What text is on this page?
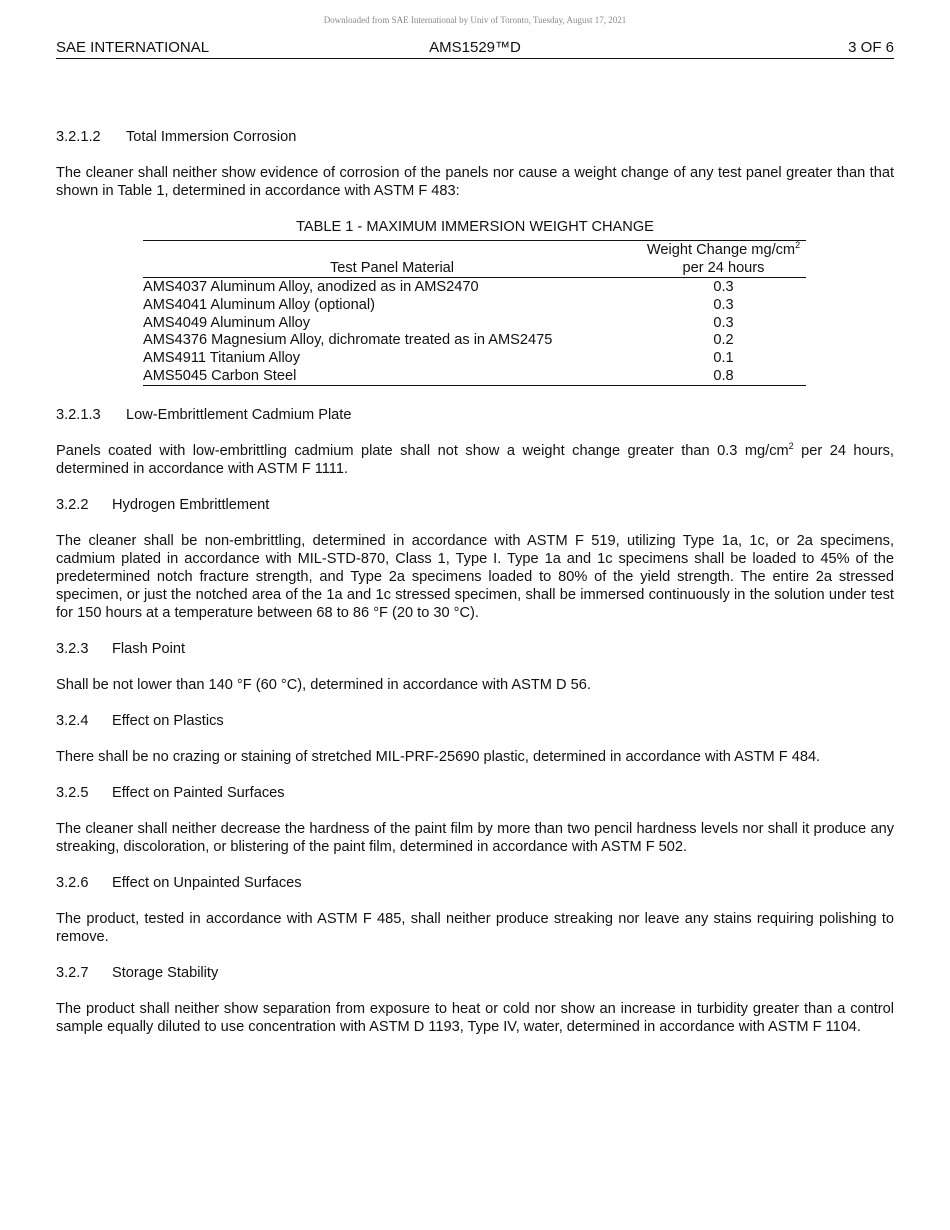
Downloaded from SAE International by Univ of Toronto, Tuesday, August 17, 2021
AMS1529™D
SAE INTERNATIONAL	3 OF 6

3.2.1.2 Total Immersion Corrosion

The cleaner shall neither show evidence of corrosion of the panels nor cause a weight change of any test panel greater than that shown in Table 1, determined in accordance with ASTM F 483:

TABLE 1 - MAXIMUM IMMERSION WEIGHT CHANGE

Test Panel Material
Weight Change $mg/cm^2$
per 24 hours
AMS4037 Aluminum Alloy, anodized as in AMS2470	0.3
AMS4041 Aluminum Alloy (optional)	0.3
AMS4049 Aluminum Alloy	0.3
AMS4376 Magnesium Alloy, dichromate treated as in AMS2475	0.2
AMS4911 Titanium Alloy	0.1
AMS5045 Carbon Steel	0.8

3.2.1.3 Low-Embrittlement Cadmium Plate

Panels coated with low-embrittling cadmium plate shall not show a weight change greater than 0.3 $mg/cm^2$ per 24 hours, determined in accordance with ASTM F 1111.

3.2.2 Hydrogen Embrittlement

The cleaner shall be non-embrittling, determined in accordance with ASTM F 519, utilizing Type 1a, 1c, or 2a specimens, cadmium plated in accordance with MIL-STD-870, Class 1, Type I. Type 1a and 1c specimens shall be loaded to 45% of the predetermined notch fracture strength, and Type 2a specimens loaded to 80% of the yield strength. The entire 2a stressed specimen, or just the notched area of the 1a and 1c stressed specimen, shall be immersed continuously in the solution under test for 150 hours at a temperature between 68 to 86 °F (20 to 30 °C).

3.2.3 Flash Point

Shall be not lower than 140 °F (60 °C), determined in accordance with ASTM D 56.

3.2.4 Effect on Plastics

There shall be no crazing or staining of stretched MIL-PRF-25690 plastic, determined in accordance with ASTM F 484.

3.2.5 Effect on Painted Surfaces

The cleaner shall neither decrease the hardness of the paint film by more than two pencil hardness levels nor shall it produce any streaking, discoloration, or blistering of the paint film, determined in accordance with ASTM F 502.

3.2.6 Effect on Unpainted Surfaces

The product, tested in accordance with ASTM F 485, shall neither produce streaking nor leave any stains requiring polishing to remove.

3.2.7 Storage Stability

The product shall neither show separation from exposure to heat or cold nor show an increase in turbidity greater than a control sample equally diluted to use concentration with ASTM D 1193, Type IV, water, determined in accordance with ASTM F 1104.
